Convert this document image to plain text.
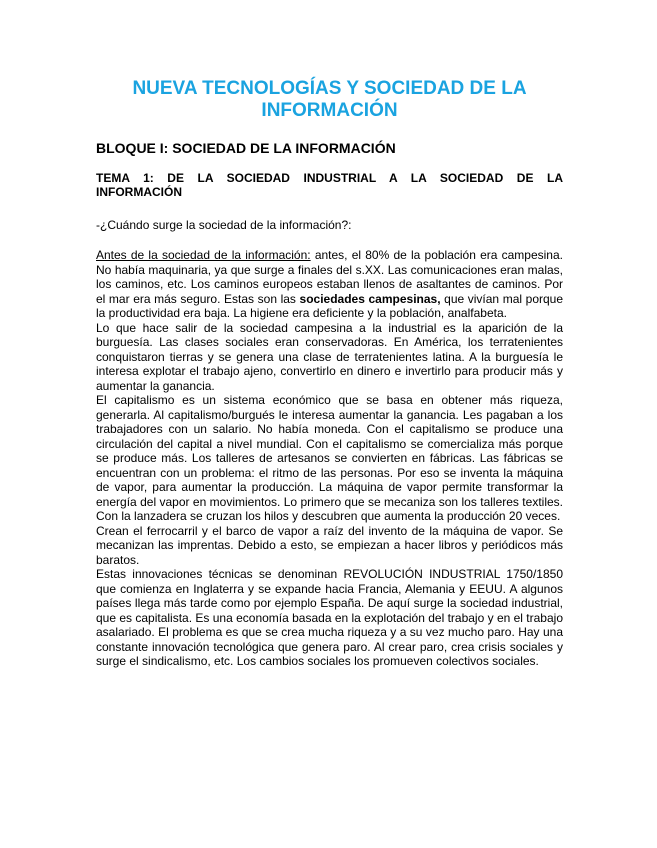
NUEVA TECNOLOGÍAS Y SOCIEDAD DE LA INFORMACIÓN
BLOQUE I: SOCIEDAD DE LA INFORMACIÓN
TEMA 1: DE LA SOCIEDAD INDUSTRIAL A LA SOCIEDAD DE LA INFORMACIÓN

-¿Cuándo surge la sociedad de la información?:

Antes de la sociedad de la información: antes, el 80% de la población era campesina. No había maquinaria, ya que surge a finales del s.XX. Las comunicaciones eran malas, los caminos, etc. Los caminos europeos estaban llenos de asaltantes de caminos. Por el mar era más seguro. Estas son las sociedades campesinas, que vivían mal porque la productividad era baja. La higiene era deficiente y la población, analfabeta.

Lo que hace salir de la sociedad campesina a la industrial es la aparición de la burguesía. Las clases sociales eran conservadoras. En América, los terratenientes conquistaron tierras y se genera una clase de terratenientes latina. A la burguesía le interesa explotar el trabajo ajeno, convertirlo en dinero e invertirlo para producir más y aumentar la ganancia.

El capitalismo es un sistema económico que se basa en obtener más riqueza, generarla. Al capitalismo/burgués le interesa aumentar la ganancia. Les pagaban a los trabajadores con un salario. No había moneda. Con el capitalismo se produce una circulación del capital a nivel mundial. Con el capitalismo se comercializa más porque se produce más. Los talleres de artesanos se convierten en fábricas. Las fábricas se encuentran con un problema: el ritmo de las personas. Por eso se inventa la máquina de vapor, para aumentar la producción. La máquina de vapor permite transformar la energía del vapor en movimientos. Lo primero que se mecaniza son los talleres textiles. Con la lanzadera se cruzan los hilos y descubren que aumenta la producción 20 veces.

Crean el ferrocarril y el barco de vapor a raíz del invento de la máquina de vapor. Se mecanizan las imprentas. Debido a esto, se empiezan a hacer libros y periódicos más baratos.

Estas innovaciones técnicas se denominan REVOLUCIÓN INDUSTRIAL 1750/1850 que comienza en Inglaterra y se expande hacia Francia, Alemania y EEUU. A algunos países llega más tarde como por ejemplo España. De aquí surge la sociedad industrial, que es capitalista. Es una economía basada en la explotación del trabajo y en el trabajo asalariado. El problema es que se crea mucha riqueza y a su vez mucho paro. Hay una constante innovación tecnológica que genera paro. Al crear paro, crea crisis sociales y surge el sindicalismo, etc. Los cambios sociales los promueven colectivos sociales.
